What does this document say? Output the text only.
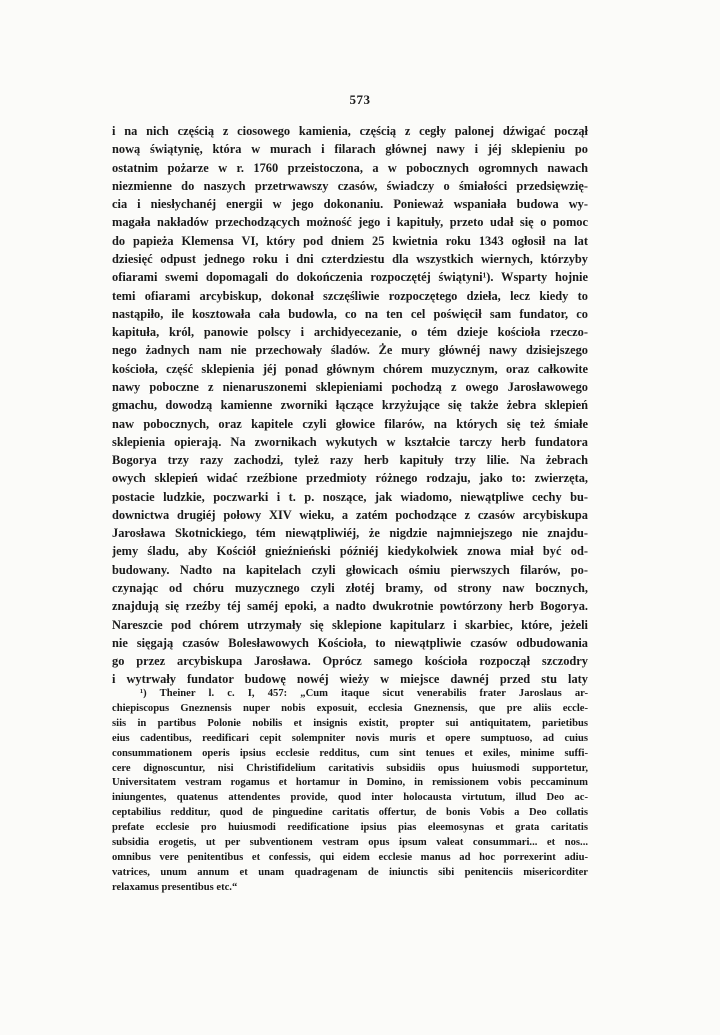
573
i na nich częścią z ciosowego kamienia, częścią z cegły palonej dźwigać począł
nową świątynię, która w murach i filarach głównej nawy i jéj sklepieniu po
ostatnim pożarze w r. 1760 przeistoczona, a w pobocznych ogromnych nawach
niezmienne do naszych przetrwawszy czasów, świadczy o śmiałości przedsięwzię-
cia i niesłychanéj energii w jego dokonaniu. Ponieważ wspaniała budowa wy-
magała nakładów przechodzących możność jego i kapituły, przeto udał się o pomoc
do papieża Klemensa VI, który pod dniem 25 kwietnia roku 1343 ogłosił na lat
dziesięć odpust jednego roku i dni czterdziestu dla wszystkich wiernych, którzyby
ofiarami swemi dopomagali do dokończenia rozpoczętéj świątyni¹). Wsparty hojnie
temi ofiarami arcybiskup, dokonał szczęśliwie rozpoczętego dzieła, lecz kiedy to
nastąpiło, ile kosztowała cała budowla, co na ten cel poświęcił sam fundator, co
kapituła, król, panowie polscy i archidyecezanie, o tém dzieje kościoła rzeczo-
nego żadnych nam nie przechowały śladów. Że mury głównéj nawy dzisiejszego
kościoła, część sklepienia jéj ponad głównym chórem muzycznym, oraz całkowite
nawy poboczne z nienaruszonemi sklepieniami pochodzą z owego Jarosławowego
gmachu, dowodzą kamienne zworniki łączące krzyżujące się także żebra sklepień
naw pobocznych, oraz kapitele czyli głowice filarów, na których się też śmiałe
sklepienia opierają. Na zwornikach wykutych w kształcie tarczy herb fundatora
Bogorya trzy razy zachodzi, tyleż razy herb kapituły trzy lilie. Na żebrach
owych sklepień widać rzeźbione przedmioty różnego rodzaju, jako to: zwierzęta,
postacie ludzkie, poczwarki i t. p. noszące, jak wiadomo, niewątpliwe cechy bu-
downictwa drugiéj połowy XIV wieku, a zatém pochodzące z czasów arcybiskupa
Jarosława Skotnickiego, tém niewątpliwiéj, że nigdzie najmniejszego nie znajdu-
jemy śladu, aby Kościół gnieźnieński późniéj kiedykolwiek znowa miał być od-
budowany. Nadto na kapitelach czyli głowicach ośmiu pierwszych filarów, po-
czynając od chóru muzycznego czyli złotéj bramy, od strony naw bocznych,
znajdują się rzeźby téj saméj epoki, a nadto dwukrotnie powtórzony herb Bogorya.
Nareszcie pod chórem utrzymały się sklepione kapitularz i skarbiec, które, jeżeli
nie sięgają czasów Bolesławowych Kościoła, to niewątpliwie czasów odbudowania
go przez arcybiskupa Jarosława. Oprócz samego kościoła rozpoczął szczodry
i wytrwały fundator budowę nowéj wieży w miejsce dawnéj przed stu laty
¹) Theiner l. c. I, 457: „Cum itaque sicut venerabilis frater Jaroslaus ar-
chiepiscopus Gneznensis nuper nobis exposuit, ecclesia Gneznensis, que pre aliis eccle-
siis in partibus Polonie nobilis et insignis existit, propter sui antiquitatem, parietibus
eius cadentibus, reedificari cepit solempniter novis muris et opere sumptuoso, ad cuius
consummationem operis ipsius ecclesie redditus, cum sint tenues et exiles, minime suffi-
cere dignoscuntur, nisi Christifidelium caritativis subsidiis opus huiusmodi supportetur,
Universitatem vestram rogamus et hortamur in Domino, in remissionem vobis peccaminum
iniungentes, quatenus attendentes provide, quod inter holocausta virtutum, illud Deo ac-
ceptabilius redditur, quod de pinguedine caritatis offertur, de bonis Vobis a Deo collatis
prefate ecclesie pro huiusmodi reedificatione ipsius pias eleemosynas et grata caritatis
subsidia erogetis, ut per subventionem vestram opus ipsum valeat consummari... et nos...
omnibus vere penitentibus et confessis, qui eidem ecclesie manus ad hoc porrexerint adiu-
vatrices, unum annum et unam quadragenam de iniunctis sibi penitenciis misericorditer
relaxamus presentibus etc.“
